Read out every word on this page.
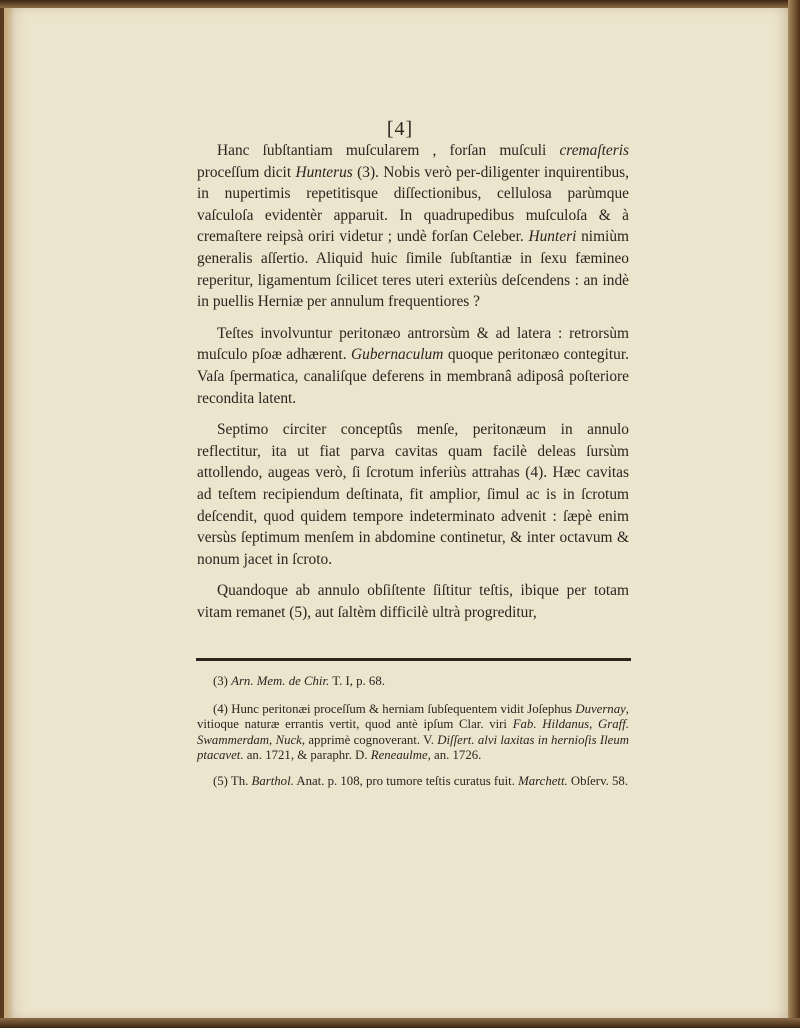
[4]

Hanc ſubſtantiam muſcularem , forſan muſculi cremaſteris proceſſum dicit Hunterus (3). Nobis verò per-diligenter inquirentibus, in nupertimis repetitisque diſſectionibus, cellulosa parùmque vaſculoſa evidentèr apparuit. In quadrupedibus muſculoſa & à cremaſtere reipsà oriri videtur ; undè forſan Celeber. Hunteri nimiùm generalis aſſertio. Aliquid huic ſimile ſubſtantiæ in ſexu fæmineo reperitur, ligamentum ſcilicet teres uteri exteriùs deſcendens : an indè in puellis Herniæ per annulum frequentiores ?

Teſtes involvuntur peritonæo antrorsùm & ad latera : retrorsùm muſculo pſoæ adhærent. Gubernaculum quoque peritonæo contegitur. Vaſa ſpermatica, canaliſque deferens in membranâ adiposâ poſteriore recondita latent.

Septimo circiter conceptûs menſe, peritonæum in annulo reflectitur, ita ut fiat parva cavitas quam facilè deleas ſursùm attollendo, augeas verò, ſi ſcrotum inferiùs attrahas (4). Hæc cavitas ad teſtem recipiendum deſtinata, fit amplior, ſimul ac is in ſcrotum deſcendit, quod quidem tempore indeterminato advenit : ſæpè enim versùs ſeptimum menſem in abdomine continetur, & inter octavum & nonum jacet in ſcroto.

Quandoque ab annulo obſiſtente ſiſtitur teſtis, ibique per totam vitam remanet (5), aut ſaltèm difficilè ultrà progreditur,

(3) Arn. Mem. de Chir. T. I, p. 68.

(4) Hunc peritonæi proceſſum & herniam ſubſequentem vidit Joſephus Duvernay, vitioque naturæ errantis vertit, quod antè ipſum Clar. viri Fab. Hildanus, Graff. Swammerdam, Nuck, apprimè cognoverant. V. Diſſert. alvi laxitas in hernioſis Ileum ptacavet. an. 1721, & paraphr. D. Reneaulme, an. 1726.

(5) Th. Barthol. Anat. p. 108, pro tumore teſtis curatus fuit. Marchett. Obſerv. 58.
